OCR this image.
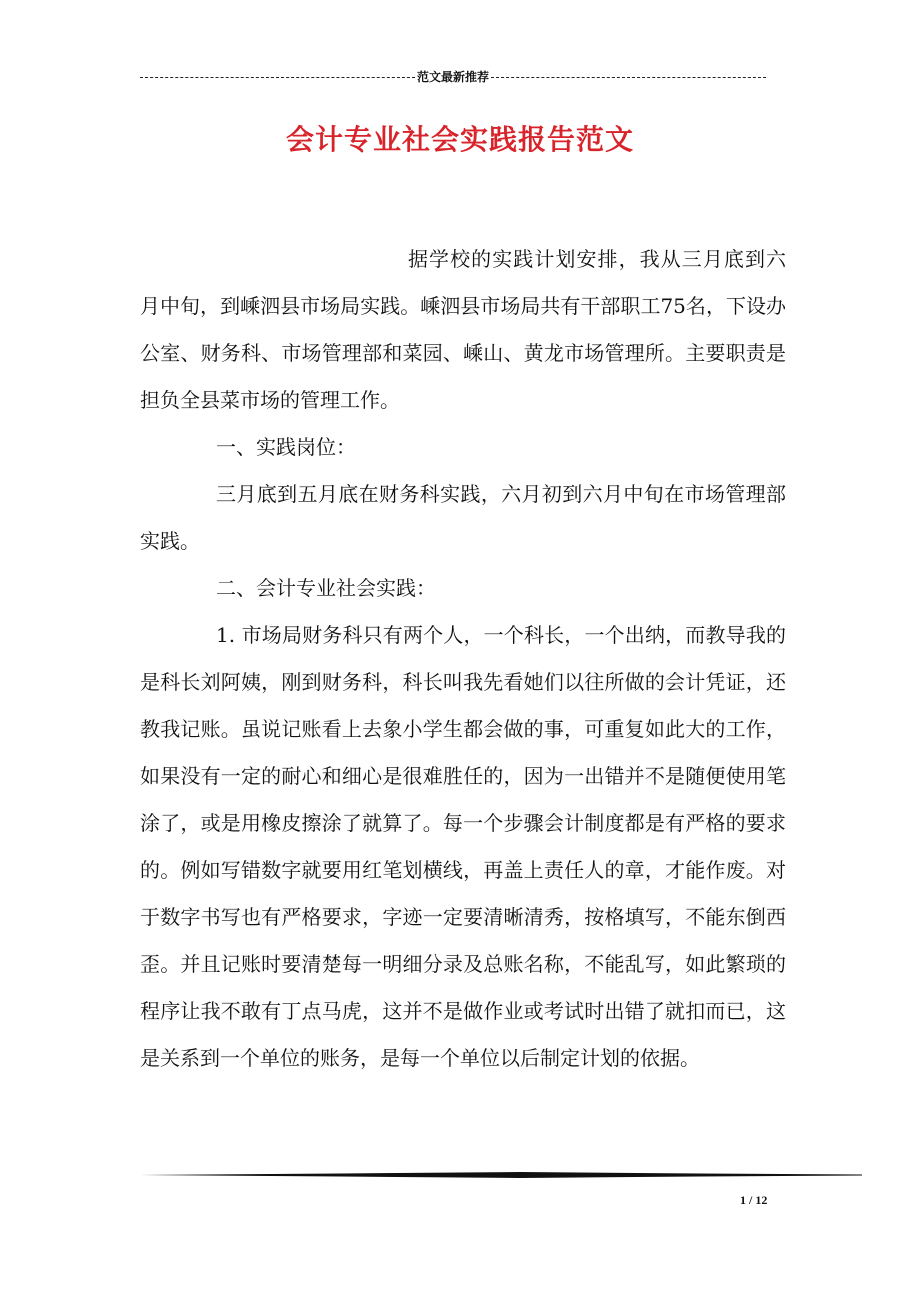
范文最新推荐
会计专业社会实践报告范文

据学校的实践计划安排，我从三月底到六月中旬，到嵊泗县市场局实践。嵊泗县市场局共有干部职工75名，下设办公室、财务科、市场管理部和菜园、嵊山、黄龙市场管理所。主要职责是担负全县菜市场的管理工作。

一、实践岗位：

三月底到五月底在财务科实践，六月初到六月中旬在市场管理部实践。

二、会计专业社会实践：

1. 市场局财务科只有两个人，一个科长，一个出纳，而教导我的是科长刘阿姨，刚到财务科，科长叫我先看她们以往所做的会计凭证，还教我记账。虽说记账看上去象小学生都会做的事，可重复如此大的工作，如果没有一定的耐心和细心是很难胜任的，因为一出错并不是随便使用笔涂了，或是用橡皮擦涂了就算了。每一个步骤会计制度都是有严格的要求的。例如写错数字就要用红笔划横线，再盖上责任人的章，才能作废。对于数字书写也有严格要求，字迹一定要清晰清秀，按格填写，不能东倒西歪。并且记账时要清楚每一明细分录及总账名称，不能乱写，如此繁琐的程序让我不敢有丁点马虎，这并不是做作业或考试时出错了就扣而已，这是关系到一个单位的账务，是每一个单位以后制定计划的依据。

1 / 12
